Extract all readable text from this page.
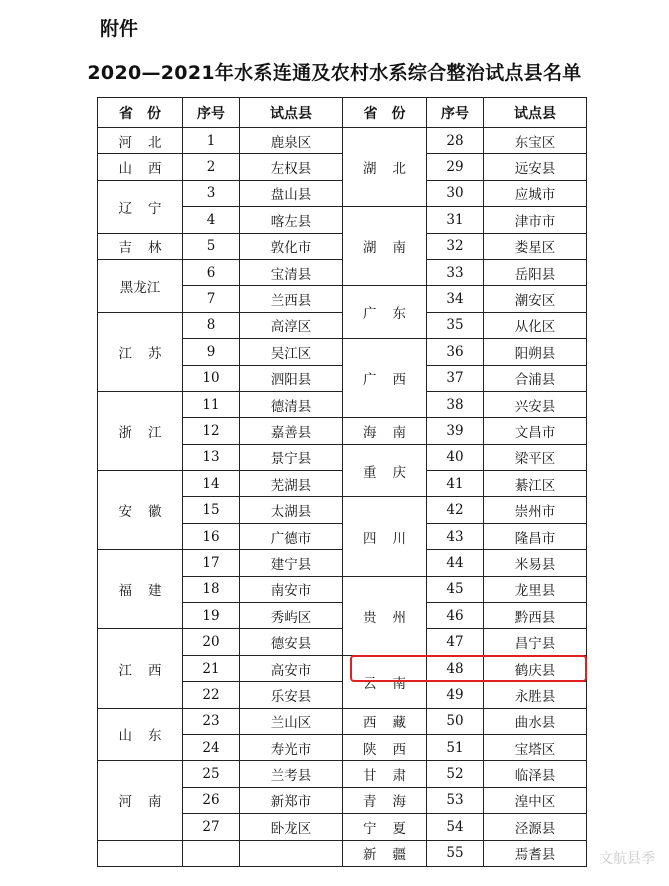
附件
2020—2021年水系连通及农村水系综合整治试点县名单
省份	序号	试点县	省份	序号	试点县
河北	1	鹿泉区	湖北	28	东宝区
山西	2	左权县		29	远安县
辽宁	3	盘山县		30	应城市
	4	喀左县	湖南	31	津市市
吉林	5	敦化市		32	娄星区
黑龙江	6	宝清县		33	岳阳县
	7	兰西县	广东	34	潮安区
江苏	8	高淳区		35	从化区
	9	吴江区	广西	36	阳朔县
	10	泗阳县		37	合浦县
浙江	11	德清县		38	兴安县
	12	嘉善县	海南	39	文昌市
	13	景宁县	重庆	40	梁平区
安徽	14	芜湖县		41	綦江区
	15	太湖县	四川	42	崇州市
	16	广德市		43	隆昌市
福建	17	建宁县		44	米易县
	18	南安市	贵州	45	龙里县
	19	秀屿区		46	黔西县
江西	20	德安县		47	昌宁县
	21	高安市	云南	48	鹤庆县
	22	乐安县		49	永胜县
山东	23	兰山区	西藏	50	曲水县
	24	寿光市	陕西	51	宝塔区
河南	25	兰考县	甘肃	52	临泽县
	26	新郑市	青海	53	湟中区
	27	卧龙区	宁夏	54	泾源县
			新疆	55	焉耆县	文航县季
